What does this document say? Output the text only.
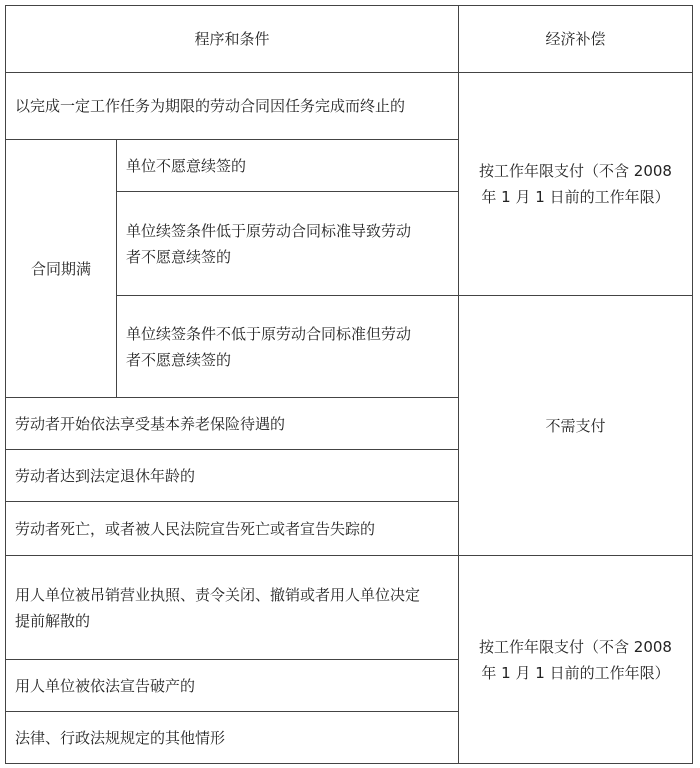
程序和条件		经济补偿
以完成一定工作任务为期限的劳动合同因任务完成而终止的		按工作年限支付（不含 2008
年 1 月 1 日前的工作年限）

合同期满	单位不愿意续签的	

	单位续签条件低于原劳动合同标准导致劳动
者不愿意续签的	

	单位续签条件不低于原劳动合同标准但劳动
者不愿意续签的	不需支付
劳动者开始依法享受基本养老保险待遇的		
劳动者达到法定退休年龄的		
劳动者死亡，或者被人民法院宣告死亡或者宣告失踪的		

用人单位被吊销营业执照、责令关闭、撤销或者用人单位决定
提前解散的		按工作年限支付（不含 2008
年 1 月 1 日前的工作年限）

用人单位被依法宣告破产的		
法律、行政法规规定的其他情形		
